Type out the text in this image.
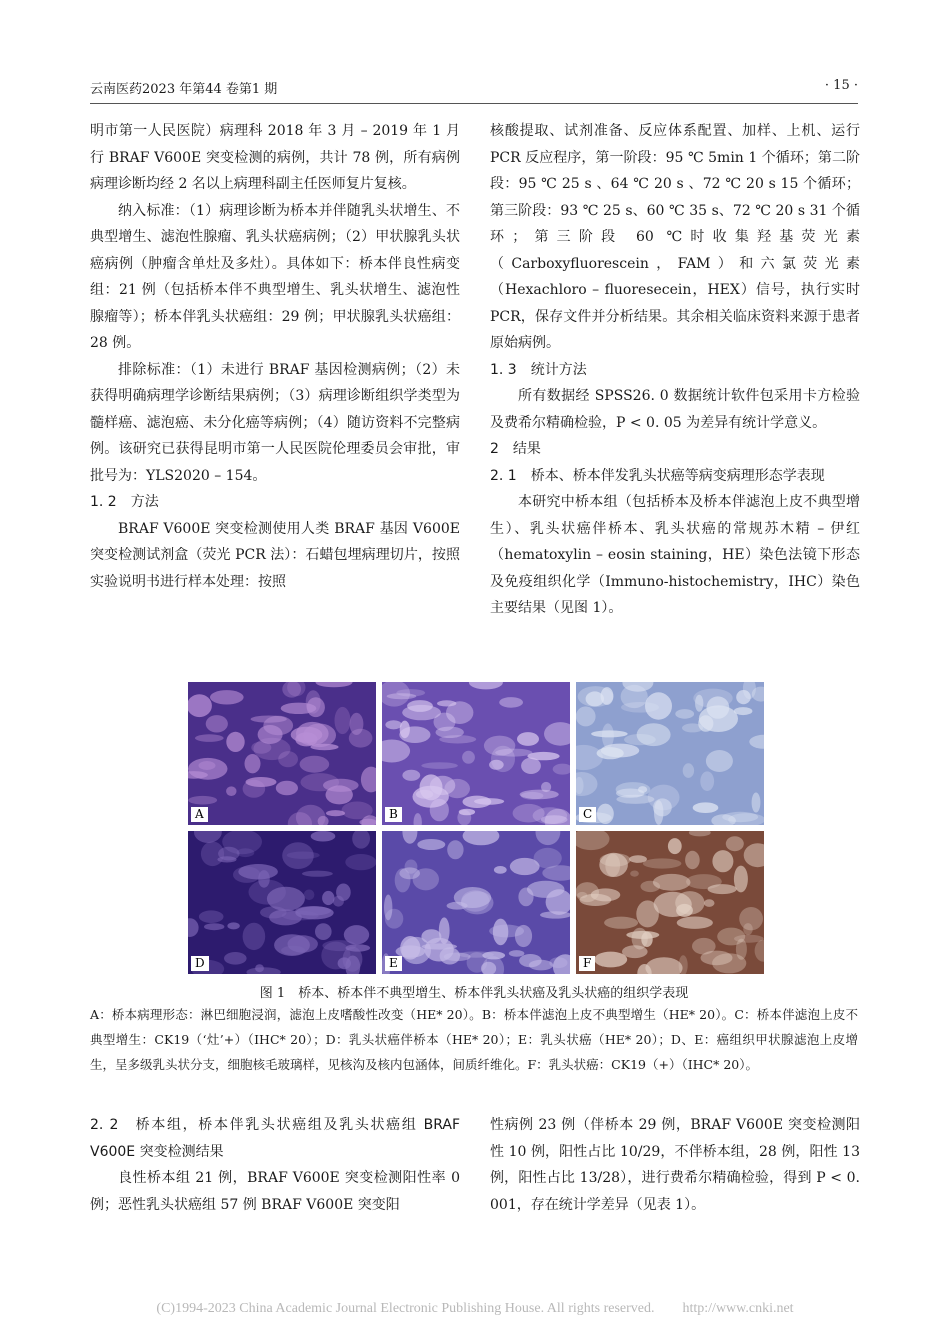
云南医药2023 年第44 卷第1 期	· 15 ·

明市第一人民医院）病理科 2018 年 3 月 – 2019 年 1 月行 BRAF V600E 突变检测的病例，共计 78 例，所有病例病理诊断均经 2 名以上病理科副主任医师复片复核。

纳入标准：（1）病理诊断为桥本并伴随乳头状增生、不典型增生、滤泡性腺瘤、乳头状癌病例；（2）甲状腺乳头状癌病例（肿瘤含单灶及多灶）。具体如下：桥本伴良性病变组：21 例（包括桥本伴不典型增生、乳头状增生、滤泡性腺瘤等）；桥本伴乳头状癌组：29 例；甲状腺乳头状癌组：28 例。

排除标准：（1）未进行 BRAF 基因检测病例；（2）未获得明确病理学诊断结果病例；（3）病理诊断组织学类型为髓样癌、滤泡癌、未分化癌等病例；（4）随访资料不完整病例。该研究已获得昆明市第一人民医院伦理委员会审批，审批号为：YLS2020 – 154。

1. 2　方法

BRAF V600E 突变检测使用人类 BRAF 基因 V600E 突变检测试剂盒（荧光 PCR 法）：石蜡包埋病理切片，按照实验说明书进行样本处理：按照

核酸提取、试剂准备、反应体系配置、加样、上机、运行 PCR 反应程序，第一阶段：95 ℃ 5min 1 个循环；第二阶段：95 ℃ 25 s 、64 ℃ 20 s 、72 ℃ 20 s 15 个循环；第三阶段：93 ℃ 25 s、60 ℃ 35 s、72 ℃ 20 s 31 个循环；第三阶段 60 ℃时收集羟基荧光素（Carboxyfluorescein，FAM）和六氯荧光素（Hexachloro – fluoresecein，HEX）信号，执行实时 PCR，保存文件并分析结果。其余相关临床资料来源于患者原始病例。

1. 3　统计方法

所有数据经 SPSS26. 0 数据统计软件包采用卡方检验及费希尔精确检验，P < 0. 05 为差异有统计学意义。

2　结果

2. 1　桥本、桥本伴发乳头状癌等病变病理形态学表现

本研究中桥本组（包括桥本及桥本伴滤泡上皮不典型增生）、乳头状癌伴桥本、乳头状癌的常规苏木精 – 伊红（hematoxylin – eosin staining，HE）染色法镜下形态及免疫组织化学（Immuno-histochemistry，IHC）染色主要结果（见图 1）。

A	B	C
D	E	F
图 1　桥本、桥本伴不典型增生、桥本伴乳头状癌及乳头状癌的组织学表现
A：桥本病理形态：淋巴细胞浸润，滤泡上皮嗜酸性改变（HE* 20）。B：桥本伴滤泡上皮不典型增生（HE* 20）。C：桥本伴滤泡上皮不典型增生：CK19（‘灶’+）（IHC* 20）；D：乳头状癌伴桥本（HE* 20）；E：乳头状癌（HE* 20）；D、E：癌组织甲状腺滤泡上皮增生，呈多级乳头状分支，细胞核毛玻璃样，见核沟及核内包涵体，间质纤维化。F：乳头状癌：CK19（+）（IHC* 20）。

2. 2　桥本组，桥本伴乳头状癌组及乳头状癌组 BRAF V600E 突变检测结果

良性桥本组 21 例，BRAF V600E 突变检测阳性率 0 例；恶性乳头状癌组 57 例 BRAF V600E 突变阳

性病例 23 例（伴桥本 29 例，BRAF V600E 突变检测阳性 10 例，阳性占比 10/29，不伴桥本组，28 例，阳性 13 例，阳性占比 13/28），进行费希尔精确检验，得到 P < 0. 001，存在统计学差异（见表 1）。

(C)1994-2023 China Academic Journal Electronic Publishing House. All rights reserved.　　http://www.cnki.net
